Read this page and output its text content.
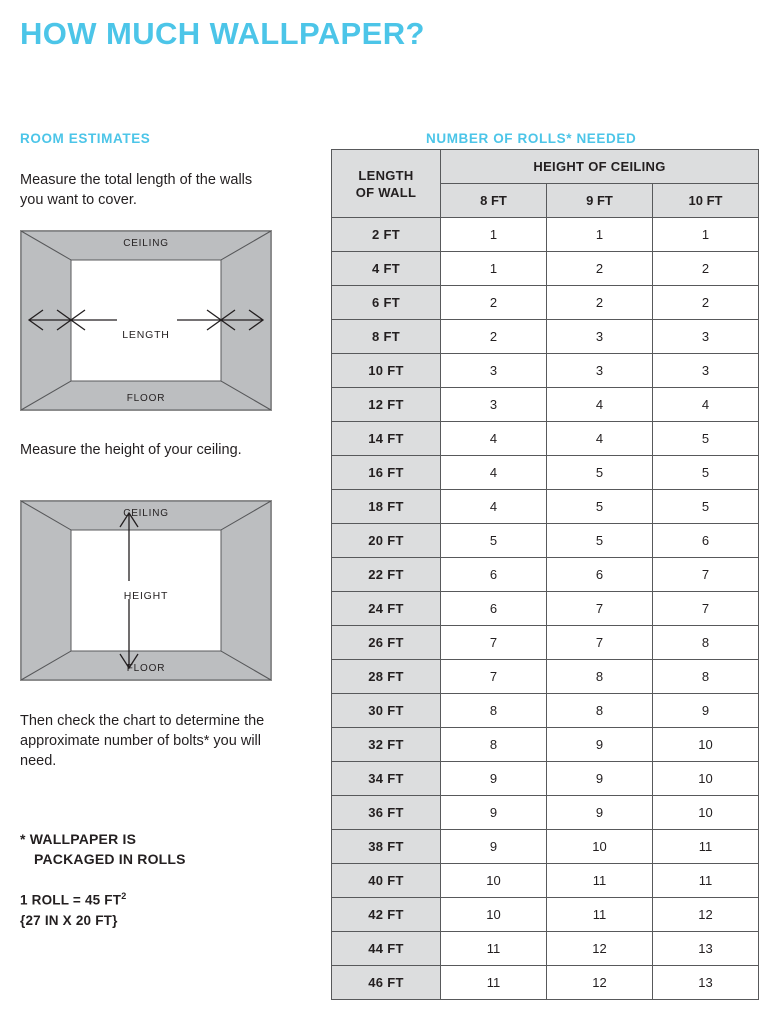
HOW MUCH WALLPAPER?
ROOM ESTIMATES	NUMBER OF ROLLS* NEEDED
Measure the total length of the walls you want to cover.
CEILING
FLOOR
LENGTH
Measure the height of your ceiling.
CEILING
FLOOR
HEIGHT
Then check the chart to determine the approximate number of bolts* you will need.
* WALLPAPER IS
PACKAGED IN ROLLS
1 ROLL = 45 $FT^2$
{27 IN X 20 FT}
LENGTH
OF WALL	HEIGHT OF CEILING		
	8 FT	9 FT	10 FT
2 FT	1	1	1
4 FT	1	2	2
6 FT	2	2	2
8 FT	2	3	3
10 FT	3	3	3
12 FT	3	4	4
14 FT	4	4	5
16 FT	4	5	5
18 FT	4	5	5
20 FT	5	5	6
22 FT	6	6	7
24 FT	6	7	7
26 FT	7	7	8
28 FT	7	8	8
30 FT	8	8	9
32 FT	8	9	10
34 FT	9	9	10
36 FT	9	9	10
38 FT	9	10	11
40 FT	10	11	11
42 FT	10	11	12
44 FT	11	12	13
46 FT	11	12	13
